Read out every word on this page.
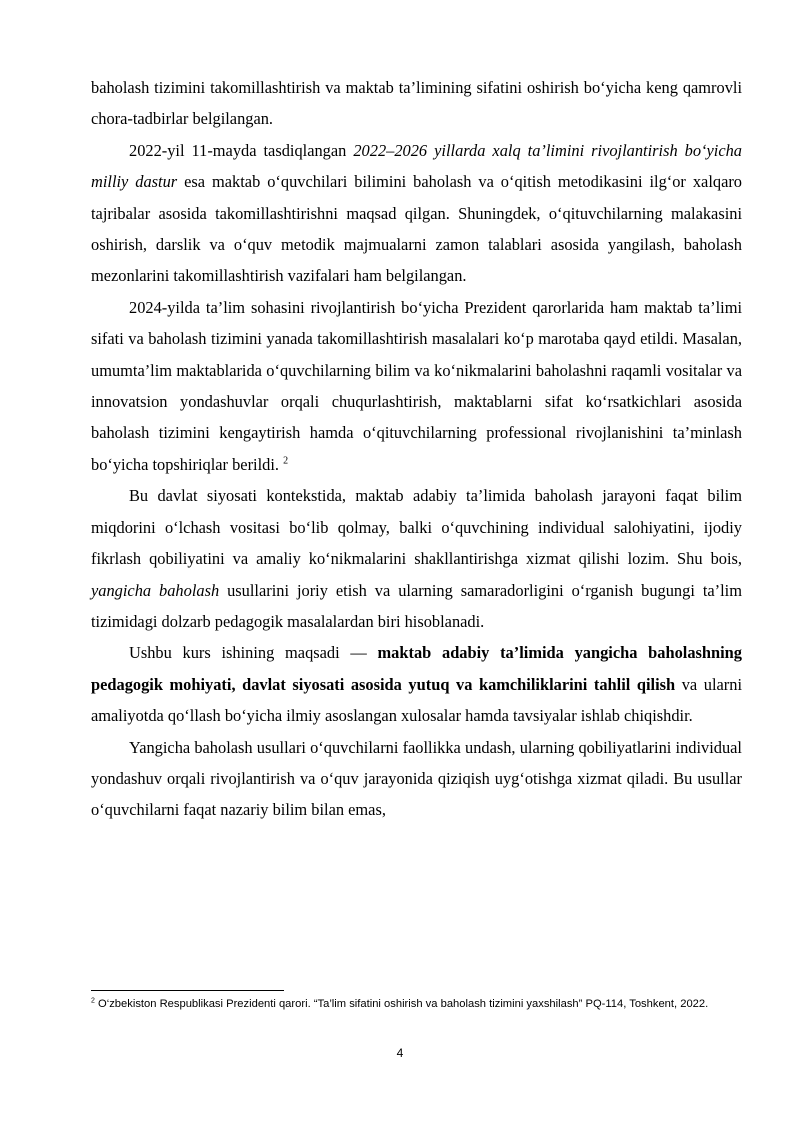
baholash tizimini takomillashtirish va maktab ta’limining sifatini oshirish bo‘yicha keng qamrovli chora-tadbirlar belgilangan.

2022-yil 11-mayda tasdiqlangan 2022–2026 yillarda xalq ta’limini rivojlantirish bo‘yicha milliy dastur esa maktab o‘quvchilari bilimini baholash va o‘qitish metodikasini ilg‘or xalqaro tajribalar asosida takomillashtirishni maqsad qilgan. Shuningdek, o‘qituvchilarning malakasini oshirish, darslik va o‘quv metodik majmualarni zamon talablari asosida yangilash, baholash mezonlarini takomillashtirish vazifalari ham belgilangan.

2024-yilda ta’lim sohasini rivojlantirish bo‘yicha Prezident qarorlarida ham maktab ta’limi sifati va baholash tizimini yanada takomillashtirish masalalari ko‘p marotaba qayd etildi. Masalan, umumta’lim maktablarida o‘quvchilarning bilim va ko‘nikmalarini baholashni raqamli vositalar va innovatsion yondashuvlar orqali chuqurlashtirish, maktablarni sifat ko‘rsatkichlari asosida baholash tizimini kengaytirish hamda o‘qituvchilarning professional rivojlanishini ta’minlash bo‘yicha topshiriqlar berildi. $^2$

Bu davlat siyosati kontekstida, maktab adabiy ta’limida baholash jarayoni faqat bilim miqdorini o‘lchash vositasi bo‘lib qolmay, balki o‘quvchining individual salohiyatini, ijodiy fikrlash qobiliyatini va amaliy ko‘nikmalarini shakllantirishga xizmat qilishi lozim. Shu bois, yangicha baholash usullarini joriy etish va ularning samaradorligini o‘rganish bugungi ta’lim tizimidagi dolzarb pedagogik masalalardan biri hisoblanadi.

Ushbu kurs ishining maqsadi — maktab adabiy ta’limida yangicha baholashning pedagogik mohiyati, davlat siyosati asosida yutuq va kamchiliklarini tahlil qilish va ularni amaliyotda qo‘llash bo‘yicha ilmiy asoslangan xulosalar hamda tavsiyalar ishlab chiqishdir.

Yangicha baholash usullari o‘quvchilarni faollikka undash, ularning qobiliyatlarini individual yondashuv orqali rivojlantirish va o‘quv jarayonida qiziqish uyg‘otishga xizmat qiladi. Bu usullar o‘quvchilarni faqat nazariy bilim bilan emas,

$^2$ O‘zbekiston Respublikasi Prezidenti qarori. “Ta’lim sifatini oshirish va baholash tizimini yaxshilash” PQ-114, Toshkent, 2022.
4
